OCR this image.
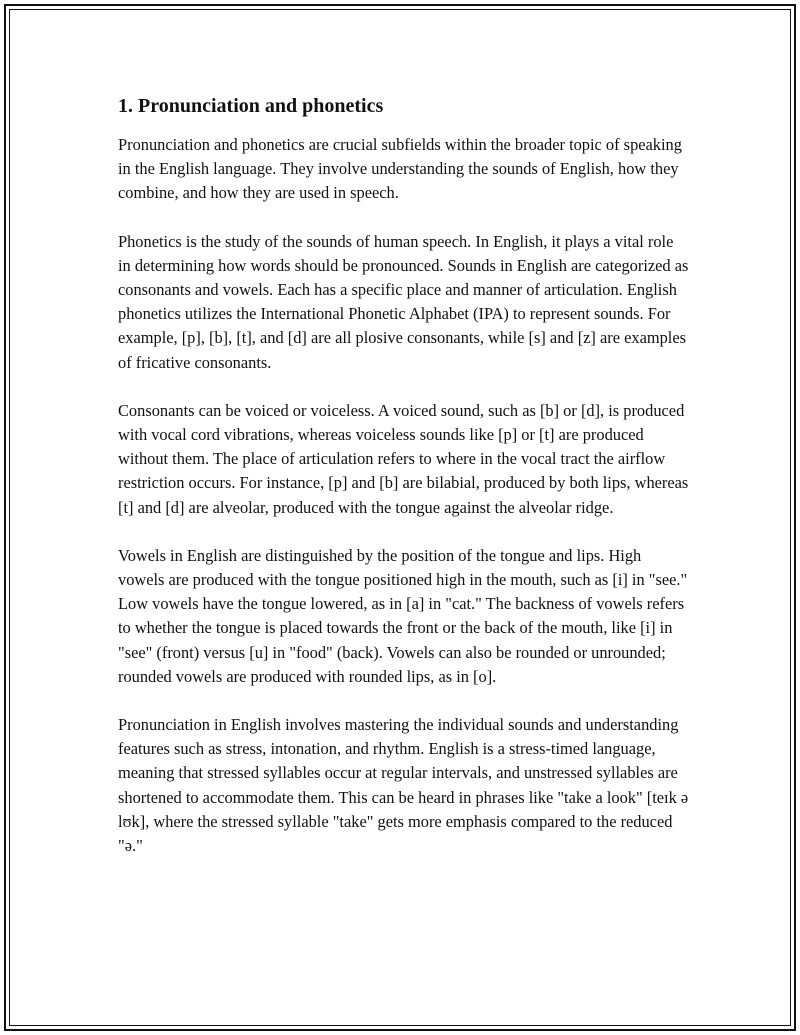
1. Pronunciation and phonetics

Pronunciation and phonetics are crucial subfields within the broader topic of speaking in the English language. They involve understanding the sounds of English, how they combine, and how they are used in speech.

Phonetics is the study of the sounds of human speech. In English, it plays a vital role in determining how words should be pronounced. Sounds in English are categorized as consonants and vowels. Each has a specific place and manner of articulation. English phonetics utilizes the International Phonetic Alphabet (IPA) to represent sounds. For example, [p], [b], [t], and [d] are all plosive consonants, while [s] and [z] are examples of fricative consonants.

Consonants can be voiced or voiceless. A voiced sound, such as [b] or [d], is produced with vocal cord vibrations, whereas voiceless sounds like [p] or [t] are produced without them. The place of articulation refers to where in the vocal tract the airflow restriction occurs. For instance, [p] and [b] are bilabial, produced by both lips, whereas [t] and [d] are alveolar, produced with the tongue against the alveolar ridge.

Vowels in English are distinguished by the position of the tongue and lips. High vowels are produced with the tongue positioned high in the mouth, such as [i] in "see." Low vowels have the tongue lowered, as in [a] in "cat." The backness of vowels refers to whether the tongue is placed towards the front or the back of the mouth, like [i] in "see" (front) versus [u] in "food" (back). Vowels can also be rounded or unrounded; rounded vowels are produced with rounded lips, as in [o].

Pronunciation in English involves mastering the individual sounds and understanding features such as stress, intonation, and rhythm. English is a stress-timed language, meaning that stressed syllables occur at regular intervals, and unstressed syllables are shortened to accommodate them. This can be heard in phrases like "take a look" [teɪk ə lʊk], where the stressed syllable "take" gets more emphasis compared to the reduced "ə."
